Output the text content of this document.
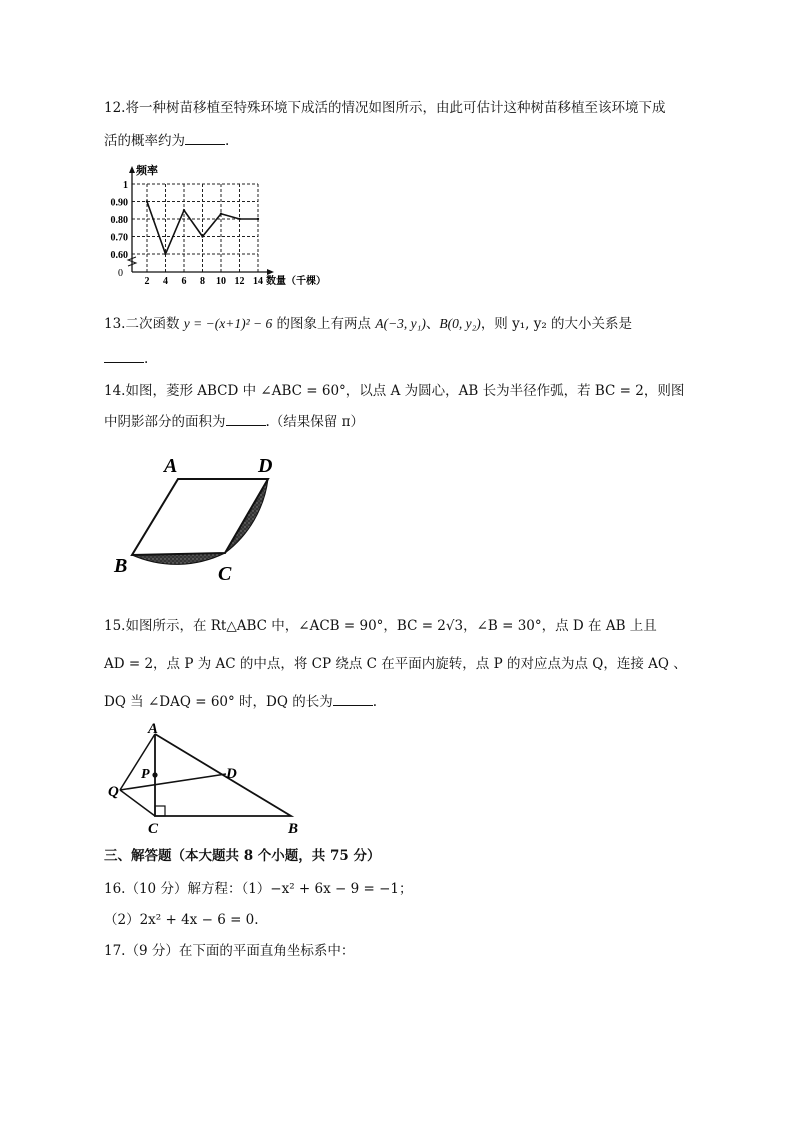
12.将一种树苗移植至特殊环境下成活的情况如图所示，由此可估计这种树苗移植至该环境下成
活的概率约为	.
0.60
0.70
0.80
0.90
1
2 4 6 8 10 12 14
频率
数量（千棵）
0
13.二次函数 y = −(x+1)² − 6 的图象上有两点 A(−3, y₁)、B(0, y₂)，则 y₁, y₂ 的大小关系是
.
14.如图，菱形 ABCD 中 ∠ABC = 60°，以点 A 为圆心，AB 长为半径作弧，若 BC = 2，则图
中阴影部分的面积为	.（结果保留 π）
A	D
B	C
15.如图所示，在 Rt△ABC 中，∠ACB = 90°，BC = 2√3，∠B = 30°，点 D 在 AB 上且
AD = 2，点 P 为 AC 的中点，将 CP 绕点 C 在平面内旋转，点 P 的对应点为点 Q，连接 AQ 、
DQ 当 ∠DAQ = 60° 时，DQ 的长为	.
A
P	D
Q
C	B
三、解答题（本大题共 8 个小题，共 75 分）
16.（10 分）解方程：（1）−x² + 6x − 9 = −1；
（2）2x² + 4x − 6 = 0.
17.（9 分）在下面的平面直角坐标系中：
